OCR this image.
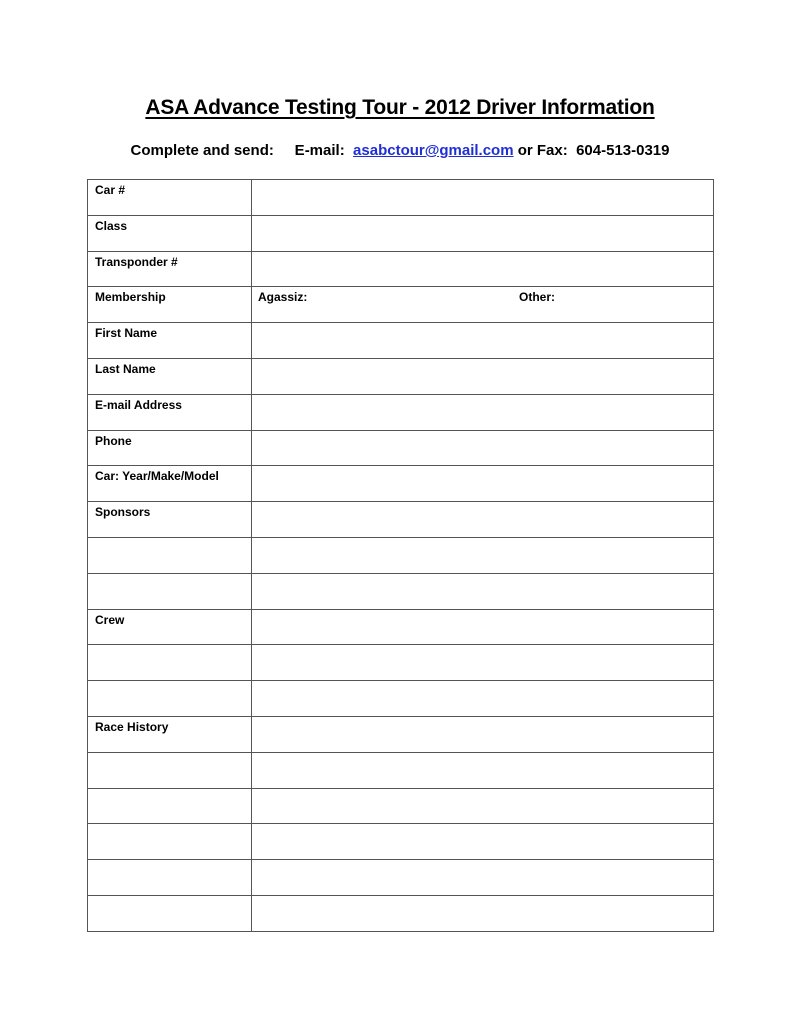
ASA Advance Testing Tour - 2012 Driver Information
Complete and send:     E-mail:  asabctour@gmail.com or Fax:  604-513-0319
Car #	

Class	

Transponder #	

Membership	Agassiz: Other:

First Name	

Last Name	

E-mail Address	

Phone	

Car: Year/Make/Model	

Sponsors	

Crew	

Race History	
